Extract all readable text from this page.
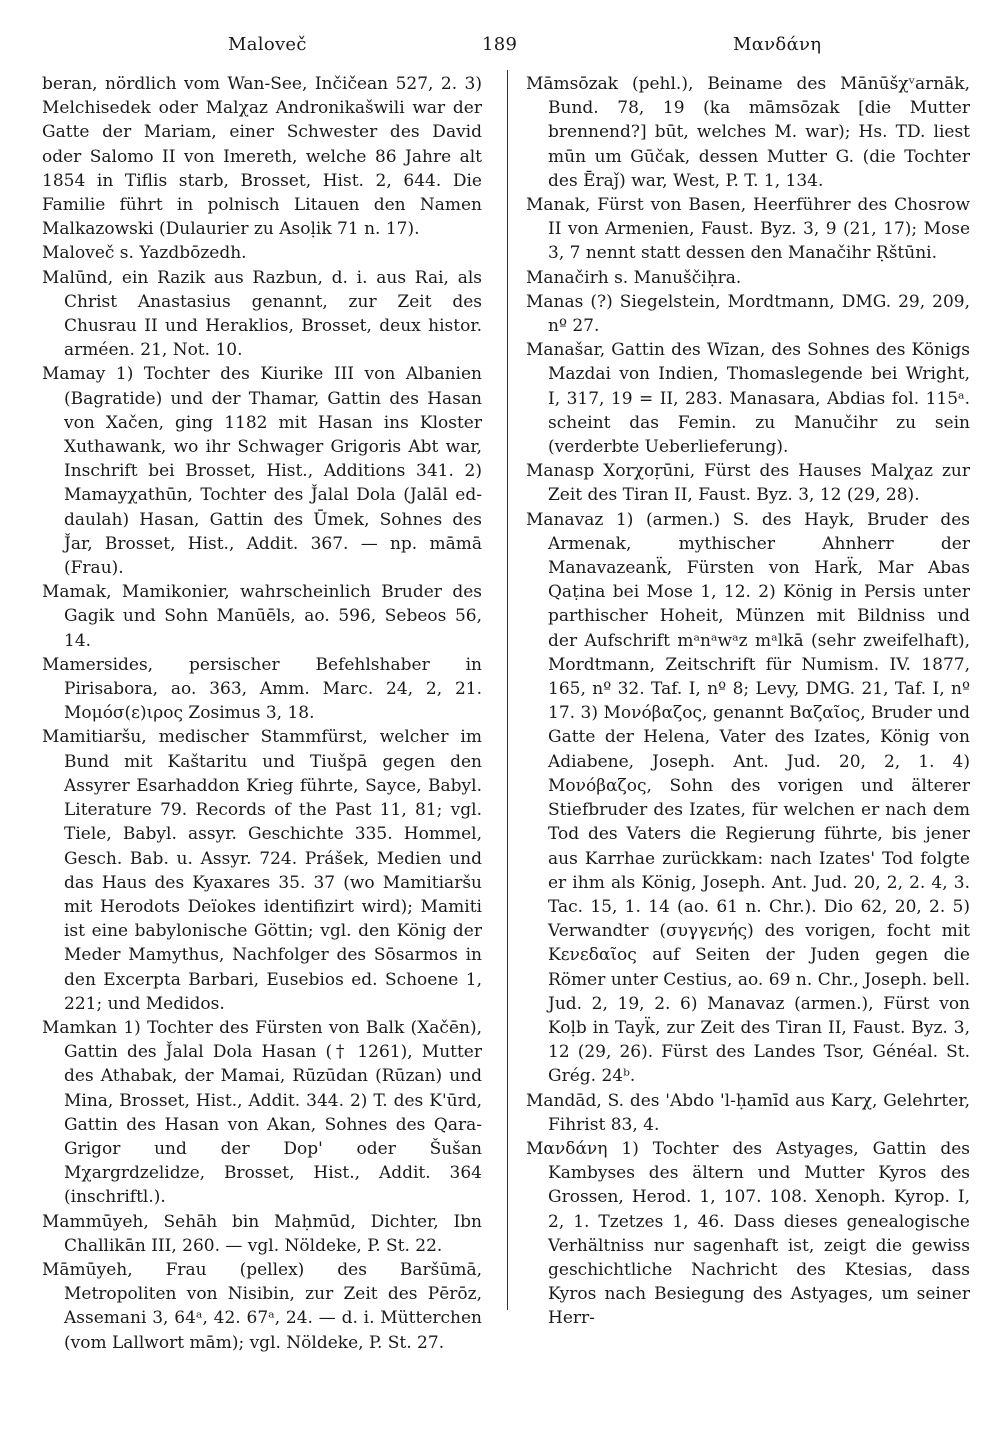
Maloveč	189	Μανδάνη

beran, nördlich vom Wan-See, Inčičean 527, 2. 3) Melchisedek oder Malχaz Andronikašwili war der Gatte der Mariam, einer Schwester des David oder Salomo II von Imereth, welche 86 Jahre alt 1854 in Tiflis starb, Brosset, Hist. 2, 644. Die Familie führt in polnisch Litauen den Namen Malkazowski (Dulaurier zu Asoḷik 71 n. 17).

Maloveč s. Yazdbōzedh.

Malūnd, ein Razik aus Razbun, d. i. aus Rai, als Christ Anastasius genannt, zur Zeit des Chusrau II und Heraklios, Brosset, deux histor. arméen. 21, Not. 10.

Mamay 1) Tochter des Kiurike III von Albanien (Bagratide) und der Thamar, Gattin des Hasan von Xačen, ging 1182 mit Hasan ins Kloster Xuthawank, wo ihr Schwager Grigoris Abt war, Inschrift bei Brosset, Hist., Additions 341. 2) Mamayχathūn, Tochter des J̌alal Dola (Jalāl ed-daulah) Hasan, Gattin des Ūmek, Sohnes des J̌ar, Brosset, Hist., Addit. 367. — np. māmā (Frau).

Mamak, Mamikonier, wahrscheinlich Bruder des Gagik und Sohn Manūēls, ao. 596, Sebeos 56, 14.

Mamersides, persischer Befehlshaber in Pirisabora, ao. 363, Amm. Marc. 24, 2, 21. Μομόσ(ε)ιρος Zosimus 3, 18.

Mamitiaršu, medischer Stammfürst, welcher im Bund mit Kaštaritu und Tiušpā gegen den Assyrer Esarhaddon Krieg führte, Sayce, Babyl. Literature 79. Records of the Past 11, 81; vgl. Tiele, Babyl. assyr. Geschichte 335. Hommel, Gesch. Bab. u. Assyr. 724. Prášek, Medien und das Haus des Kyaxares 35. 37 (wo Mamitiaršu mit Herodots Deïokes identifizirt wird); Mamiti ist eine babylonische Göttin; vgl. den König der Meder Mamythus, Nachfolger des Sōsarmos in den Excerpta Barbari, Eusebios ed. Schoene 1, 221; und Medidos.

Mamkan 1) Tochter des Fürsten von Balk (Xačēn), Gattin des J̌alal Dola Hasan († 1261), Mutter des Athabak, der Mamai, Rūzūdan (Rūzan) und Mina, Brosset, Hist., Addit. 344. 2) T. des K'ūrd, Gattin des Hasan von Akan, Sohnes des Qara-Grigor und der Dop' oder Šušan Mχargrdzelidze, Brosset, Hist., Addit. 364 (inschriftl.).

Mammūyeh, Sehāh bin Maḥmūd, Dichter, Ibn Challikān III, 260. — vgl. Nöldeke, P. St. 22.

Māmūyeh, Frau (pellex) des Baršūmā, Metropoliten von Nisibin, zur Zeit des Pērōz, Assemani 3, 64ᵃ, 42. 67ᵃ, 24. — d. i. Mütterchen (vom Lallwort mām); vgl. Nöldeke, P. St. 27.

Māmsōzak (pehl.), Beiname des Mānūšχᵛarnāk, Bund. 78, 19 (ka māmsōzak [die Mutter brennend?] būt, welches M. war); Hs. TD. liest mūn um Gūčak, dessen Mutter G. (die Tochter des Ēraǰ) war, West, P. T. 1, 134.

Manak, Fürst von Basen, Heerführer des Chosrow II von Armenien, Faust. Byz. 3, 9 (21, 17); Mose 3, 7 nennt statt dessen den Manačihr Ṛštūni.

Manačirh s. Manuščiḥra.

Manas (?) Siegelstein, Mordtmann, DMG. 29, 209, nº 27.

Manašar, Gattin des Wīzan, des Sohnes des Königs Mazdai von Indien, Thomaslegende bei Wright, I, 317, 19 = II, 283. Manasara, Abdias fol. 115ᵃ. scheint das Femin. zu Manučihr zu sein (verderbte Ueberlieferung).

Manasp Xorχoṛūni, Fürst des Hauses Malχaz zur Zeit des Tiran II, Faust. Byz. 3, 12 (29, 28).

Manavaz 1) (armen.) S. des Hayk, Bruder des Armenak, mythischer Ahnherr der Manavazeank̈, Fürsten von Hark̈, Mar Abas Qaṭina bei Mose 1, 12. 2) König in Persis unter parthischer Hoheit, Münzen mit Bildniss und der Aufschrift mᵃnᵃwᵃz mᵃlkā (sehr zweifelhaft), Mordtmann, Zeitschrift für Numism. IV. 1877, 165, nº 32. Taf. I, nº 8; Levy, DMG. 21, Taf. I, nº 17. 3) Μονόβαζος, genannt Βαζαῖος, Bruder und Gatte der Helena, Vater des Izates, König von Adiabene, Joseph. Ant. Jud. 20, 2, 1. 4) Μονόβαζος, Sohn des vorigen und älterer Stiefbruder des Izates, für welchen er nach dem Tod des Vaters die Regierung führte, bis jener aus Karrhae zurückkam: nach Izates' Tod folgte er ihm als König, Joseph. Ant. Jud. 20, 2, 2. 4, 3. Tac. 15, 1. 14 (ao. 61 n. Chr.). Dio 62, 20, 2. 5) Verwandter (συγγενής) des vorigen, focht mit Κενεδαῖος auf Seiten der Juden gegen die Römer unter Cestius, ao. 69 n. Chr., Joseph. bell. Jud. 2, 19, 2. 6) Manavaz (armen.), Fürst von Koḷb in Tayk̈, zur Zeit des Tiran II, Faust. Byz. 3, 12 (29, 26). Fürst des Landes Tsor, Généal. St. Grég. 24ᵇ.

Mandād, S. des 'Abdo 'l-ḥamīd aus Karχ, Gelehrter, Fihrist 83, 4.

Μανδάνη 1) Tochter des Astyages, Gattin des Kambyses des ältern und Mutter Kyros des Grossen, Herod. 1, 107. 108. Xenoph. Kyrop. I, 2, 1. Tzetzes 1, 46. Dass dieses genealogische Verhältniss nur sagenhaft ist, zeigt die gewiss geschichtliche Nachricht des Ktesias, dass Kyros nach Besiegung des Astyages, um seiner Herr-
